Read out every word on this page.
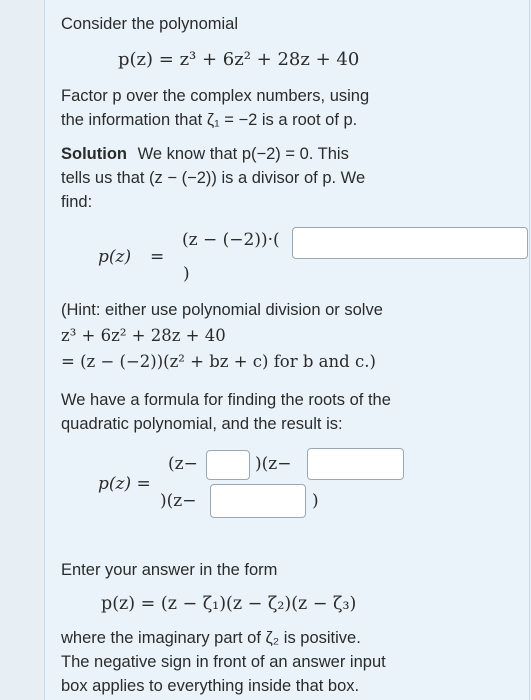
Consider the polynomial
p(z) = z³ + 6z² + 28z + 40
Factor p over the complex numbers, using
the information that ζ₁ = −2 is a root of p.
Solution We know that p(−2) = 0. This
tells us that (z − (−2)) is a divisor of p. We
find:
p(z) =
(z − (−2))·(
)
(Hint: either use polynomial division or solve
z³ + 6z² + 28z + 40
= (z − (−2))(z² + bz + c) for b and c.)
We have a formula for finding the roots of the
quadratic polynomial, and the result is:
p(z) =
(z−	)(z−
)(z−	)
Enter your answer in the form
p(z) = (z − ζ₁)(z − ζ₂)(z − ζ₃)
where the imaginary part of ζ₂ is positive.
The negative sign in front of an answer input
box applies to everything inside that box.
